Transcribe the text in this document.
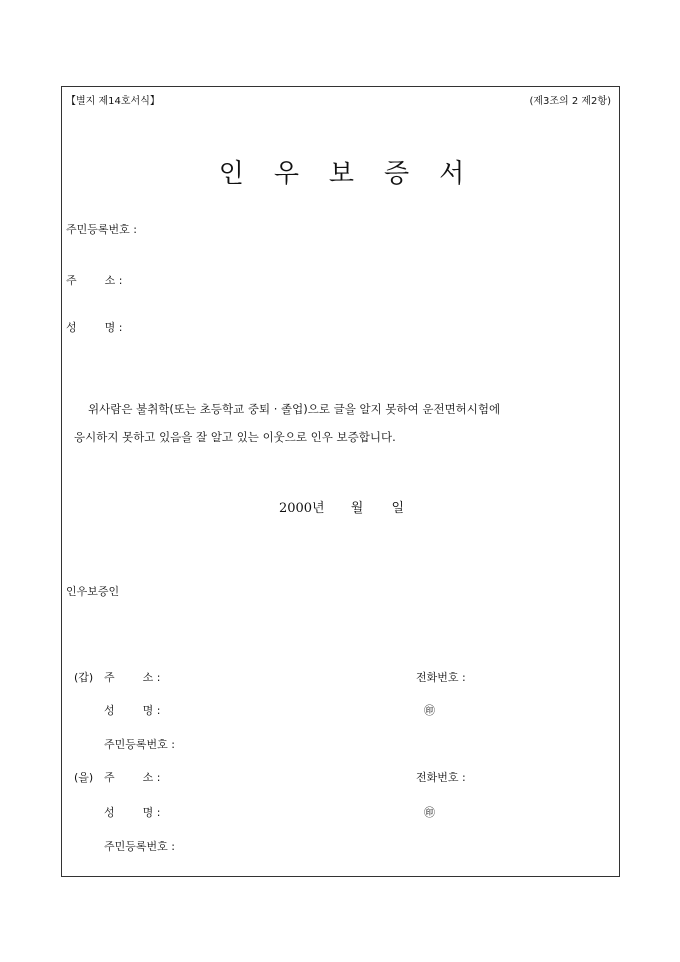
【별지 제14호서식】	(제3조의 2 제2항)
인우보증서
주민등록번호 :
주        소 :
성        명 :
위사람은 불취학(또는 초등학교 중퇴 · 졸업)으로 글을 알지 못하여 운전면허시험에
응시하지 못하고 있음을 잘 알고 있는 이웃으로 인우 보증합니다.
2000년 월 일
인우보증인
(갑) 주        소 :	전화번호 :
성        명 :	㊞
주민등록번호 :
(을) 주        소 :	전화번호 :
성        명 :	㊞
주민등록번호 :
